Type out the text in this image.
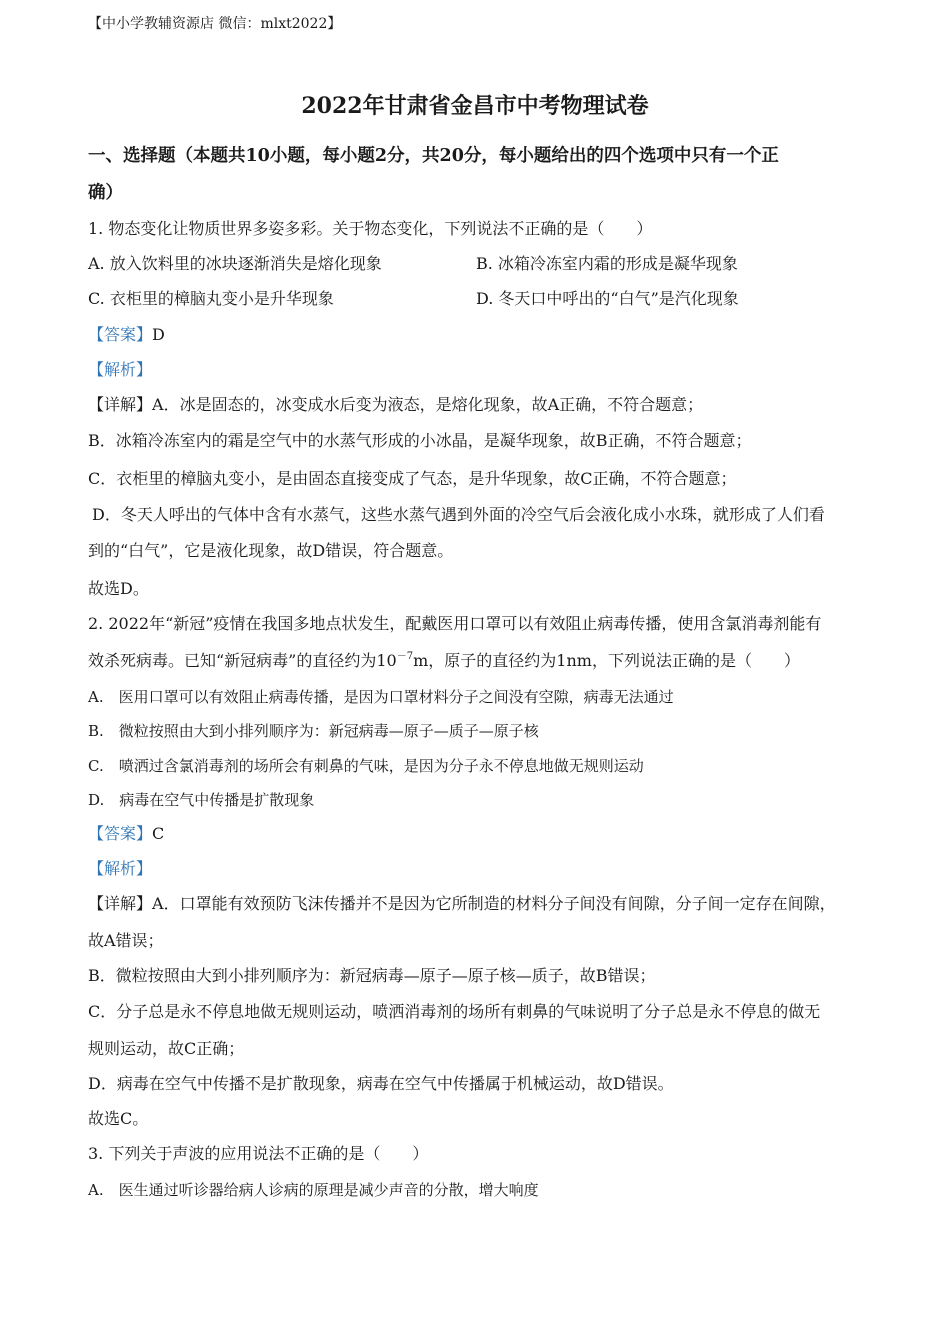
【中小学教辅资源店 微信：mlxt2022】
2022年甘肃省金昌市中考物理试卷
一、选择题（本题共10小题，每小题2分，共20分，每小题给出的四个选项中只有一个正
确）
1. 物态变化让物质世界多姿多彩。关于物态变化，下列说法不正确的是（　　）
A. 放入饮料里的冰块逐渐消失是熔化现象	B. 冰箱冷冻室内霜的形成是凝华现象
C. 衣柜里的樟脑丸变小是升华现象	D. 冬天口中呼出的“白气”是汽化现象
【答案】D
【解析】
【详解】A．冰是固态的，冰变成水后变为液态，是熔化现象，故A正确，不符合题意；
B．冰箱冷冻室内的霜是空气中的水蒸气形成的小冰晶，是凝华现象，故B正确，不符合题意；
C．衣柜里的樟脑丸变小，是由固态直接变成了气态，是升华现象，故C正确，不符合题意；
D．冬天人呼出的气体中含有水蒸气，这些水蒸气遇到外面的冷空气后会液化成小水珠，就形成了人们看
到的“白气”，它是液化现象，故D错误，符合题意。
故选D。
2. 2022年“新冠”疫情在我国多地点状发生，配戴医用口罩可以有效阻止病毒传播，使用含氯消毒剂能有
效杀死病毒。已知“新冠病毒”的直径约为$10^{-7}m$，原子的直径约为1nm，下列说法正确的是（　　）
A.　医用口罩可以有效阻止病毒传播，是因为口罩材料分子之间没有空隙，病毒无法通过
B.　微粒按照由大到小排列顺序为：新冠病毒—原子—质子—原子核
C.　喷洒过含氯消毒剂的场所会有刺鼻的气味，是因为分子永不停息地做无规则运动
D.　病毒在空气中传播是扩散现象
【答案】C
【解析】
【详解】A．口罩能有效预防飞沫传播并不是因为它所制造的材料分子间没有间隙，分子间一定存在间隙，
故A错误；
B．微粒按照由大到小排列顺序为：新冠病毒—原子—原子核—质子，故B错误；
C．分子总是永不停息地做无规则运动，喷洒消毒剂的场所有刺鼻的气味说明了分子总是永不停息的做无
规则运动，故C正确；
D．病毒在空气中传播不是扩散现象，病毒在空气中传播属于机械运动，故D错误。
故选C。
3. 下列关于声波的应用说法不正确的是（　　）
A.　医生通过听诊器给病人诊病的原理是减少声音的分散，增大响度
